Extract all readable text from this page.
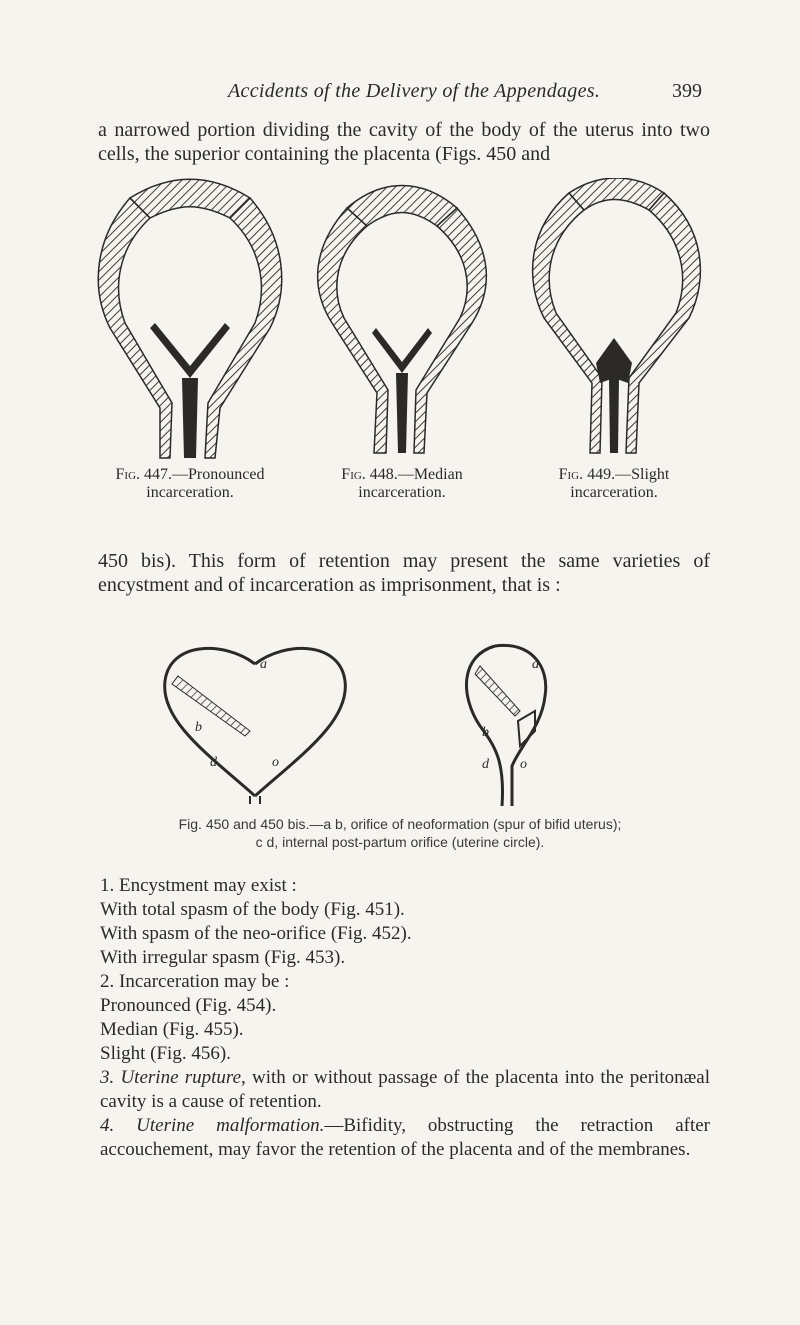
Accidents of the Delivery of the Appendages.	399
a narrowed portion dividing the cavity of the body of the uterus into two cells, the superior containing the placenta (Figs. 450 and
Fig. 447.—Pronounced
incarceration.
Fig. 448.—Median
incarceration.
Fig. 449.—Slight
incarceration.
450 bis). This form of retention may present the same varieties of encystment and of incarceration as imprisonment, that is :
a
b
d	o
a
b
d o
Fig. 450 and 450 bis.—a b, orifice of neoformation (spur of bifid uterus);
c d, internal post-partum orifice (uterine circle).
1. Encystment may exist :
With total spasm of the body (Fig. 451).
With spasm of the neo-orifice (Fig. 452).
With irregular spasm (Fig. 453).
2. Incarceration may be :
Pronounced (Fig. 454).
Median (Fig. 455).
Slight (Fig. 456).
3. Uterine rupture, with or without passage of the placenta into the peritonæal cavity is a cause of retention.
4. Uterine malformation.—Bifidity, obstructing the retraction after accouchement, may favor the retention of the placenta and of the membranes.
